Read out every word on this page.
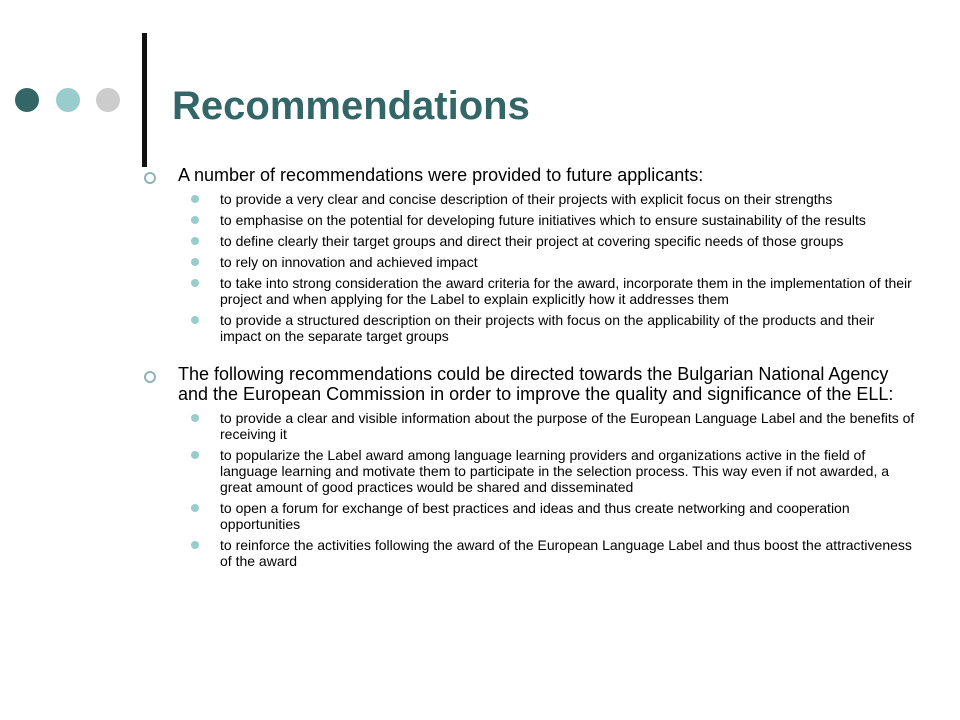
Recommendations

A number of recommendations were provided to future applicants:

to provide a very clear and concise description of their projects with explicit focus on their strengths
to emphasise on the potential for developing future initiatives which to ensure sustainability of the results
to define clearly their target groups and direct their project at covering specific needs of those groups
to rely on innovation and achieved impact
to take into strong consideration the award criteria for the award, incorporate them in the implementation of their project and when applying for the Label to explain explicitly how it addresses them
to provide a structured description on their projects with focus on the applicability of the products and their impact on the separate target groups

The following recommendations could be directed towards the Bulgarian National Agency and the European Commission in order to improve the quality and significance of the ELL:

to provide a clear and visible information about the purpose of the European Language Label and the benefits of receiving it
to popularize the Label award among language learning providers and organizations active in the field of language learning and motivate them to participate in the selection process. This way even if not awarded, a great amount of good practices would be shared and disseminated
to open a forum for exchange of best practices and ideas and thus create networking and cooperation opportunities
to reinforce the activities following the award of the European Language Label and thus boost the attractiveness of the award
